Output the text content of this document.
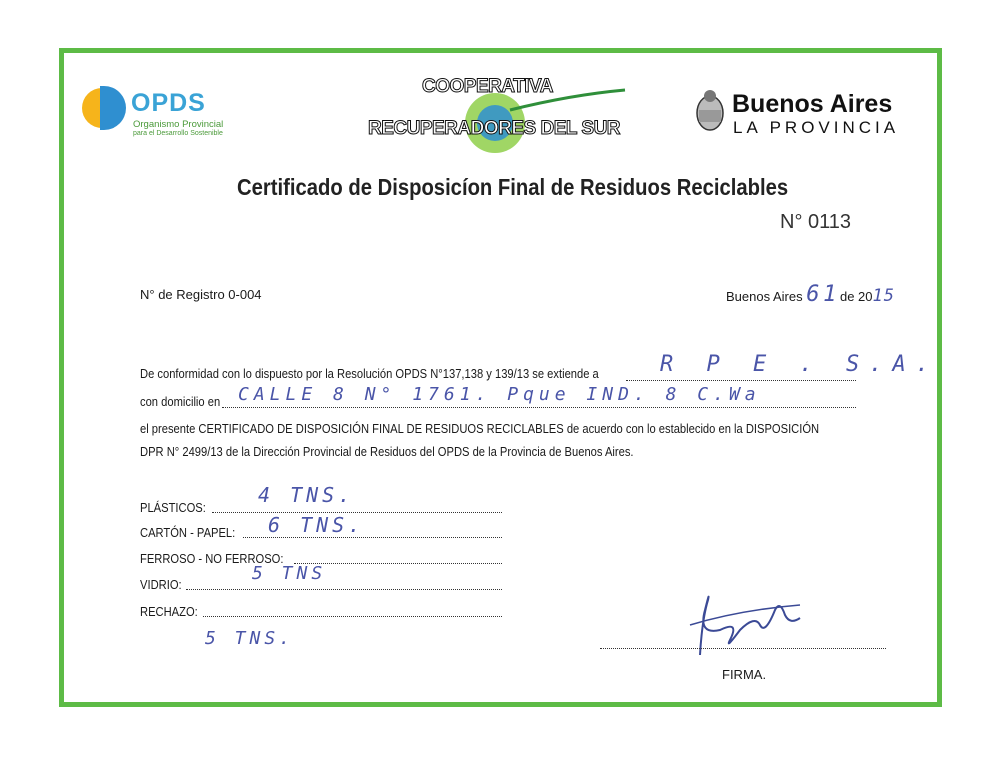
OPDS
Organismo Provincial
para el Desarrollo Sostenible
COOPERATIVA
RECUPERADORES DEL SUR
Buenos Aires
LA PROVINCIA
Certificado de Disposicíon Final de Residuos Reciclables
N° 0113
N° de Registro 0-004	Buenos Aires 6 1 de 2015
De conformidad con lo dispuesto por la Resolución OPDS N°137,138 y 139/13 se extiende a	R P E . S.A.
con domicilio en CALLE 8 N° 1761. Pque IND. 8 C.Wa
el presente CERTIFICADO DE DISPOSICIÓN FINAL DE RESIDUOS RECICLABLES de acuerdo con lo establecido en la DISPOSICIÓN
DPR N° 2499/13 de la Dirección Provincial de Residuos del OPDS de la Provincia de Buenos Aires.
PLÁSTICOS:
4 TNS.
CARTÓN - PAPEL: 6 TNS.
FERROSO - NO FERROSO:
VIDRIO:
5 TNS
RECHAZO:
5 TNS.
FIRMA.
